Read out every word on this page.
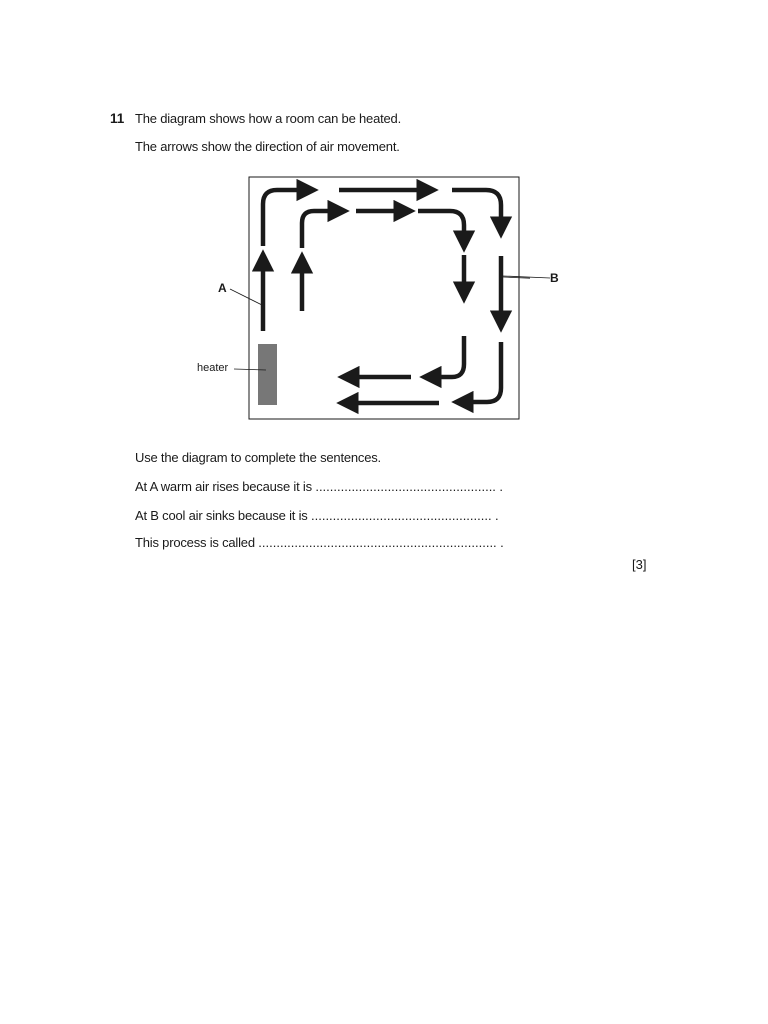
11 The diagram shows how a room can be heated.
The arrows show the direction of air movement.
A
heater
B
Use the diagram to complete the sentences.
At A warm air rises because it is .................................................. .
At B cool air sinks because it is .................................................. .
This process is called .................................................................. .
[3]
